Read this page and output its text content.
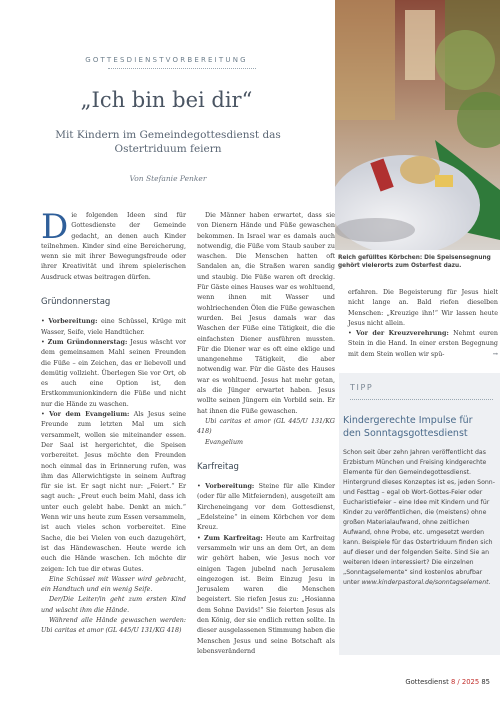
GOTTESDIENSTVORBEREITUNG
„Ich bin bei dir“
Mit Kindern im Gemeindegottesdienst das Ostertriduum feiern
Von Stefanie Penker

Die folgenden Ideen sind für Gottesdienste der Gemeinde gedacht, an denen auch Kinder teilnehmen. Kinder sind eine Bereicherung, wenn sie mit ihrer Bewegungsfreude oder ihrer Kreativität und ihrem spielerischen Ausdruck etwas beitragen dürfen.

Gründonnerstag

• Vorbereitung: eine Schüssel, Krüge mit Wasser, Seife, viele Handtücher.

• Zum Gründonnerstag: Jesus wäscht vor dem gemeinsamen Mahl seinen Freunden die Füße – ein Zeichen, das er liebevoll und demütig vollzieht. Überlegen Sie vor Ort, ob es auch eine Option ist, den Erstkommunionkindern die Füße und nicht nur die Hände zu waschen.

• Vor dem Evangelium: Als Jesus seine Freunde zum letzten Mal um sich versammelt, wollen sie miteinander essen. Der Saal ist hergerichtet, die Speisen vorbereitet. Jesus möchte den Freunden noch einmal das in Erinnerung rufen, was ihm das Allerwichtigste in seinem Auftrag für sie ist. Er sagt nicht nur: „Feiert.“ Er sagt auch: „Freut euch beim Mahl, dass ich unter euch gelebt habe. Denkt an mich.“ Wenn wir uns heute zum Essen versammeln, ist auch vieles schon vorbereitet. Eine Sache, die bei Vielen von euch dazugehört, ist das Händewaschen. Heute werde ich euch die Hände waschen. Ich möchte dir zeigen: Ich tue dir etwas Gutes.

Eine Schüssel mit Wasser wird gebracht, ein Handtuch und ein wenig Seife.

Der/Die Leiter/in geht zum ersten Kind und wäscht ihm die Hände.

Während alle Hände gewaschen werden: Ubi caritas et amor (GL 445/U 131/KG 418)

Die Männer haben erwartet, dass sie von Dienern Hände und Füße gewaschen bekommen. In Israel war es damals auch notwendig, die Füße vom Staub sauber zu waschen. Die Menschen hatten oft Sandalen an, die Straßen waren sandig und staubig. Die Füße waren oft dreckig. Für Gäste eines Hauses war es wohltuend, wenn ihnen mit Wasser und wohlriechenden Ölen die Füße gewaschen wurden. Bei Jesus damals war das Waschen der Füße eine Tätigkeit, die die einfachsten Diener ausführen mussten. Für die Diener war es oft eine eklige und unangenehme Tätigkeit, die aber notwendig war. Für die Gäste des Hauses war es wohltuend. Jesus hat mehr getan, als die Jünger erwartet haben. Jesus wollte seinen Jüngern ein Vorbild sein. Er hat ihnen die Füße gewaschen.

Ubi caritas et amor (GL 445/U 131/KG 418)

Evangelium

Karfreitag

• Vorbereitung: Steine für alle Kinder (oder für alle Mitfeiernden), ausgeteilt am Kircheneingang vor dem Gottesdienst, „Edelsteine“ in einem Körbchen vor dem Kreuz.

• Zum Karfreitag: Heute am Karfreitag versammeln wir uns an dem Ort, an dem wir gehört haben, wie Jesus noch vor einigen Tagen jubelnd nach Jerusalem eingezogen ist. Beim Einzug Jesu in Jerusalem waren die Menschen begeistert. Sie riefen Jesus zu: „Hosianna dem Sohne Davids!“ Sie feierten Jesus als den König, der sie endlich retten sollte. In dieser ausgelassenen Stimmung haben die Menschen Jesus und seine Botschaft als lebensverändernd

Reich gefülltes Körbchen: Die Speisensegnung gehört vielerorts zum Osterfest dazu.

erfahren. Die Begeisterung für Jesus hielt nicht lange an. Bald riefen dieselben Menschen: „Kreuzige ihn!“ Wir lassen heute Jesus nicht allein.

• Vor der Kreuzverehrung: Nehmt euren Stein in die Hand. In einer ersten Begegnung mit dem Stein wollen wir spü-	→

TIPP
Kindergerechte Impulse für den Sonntagsgottesdienst
Schon seit über zehn Jahren veröffentlicht das Erzbistum München und Freising kindgerechte Elemente für den Gemeindegottesdienst. Hintergrund dieses Konzeptes ist es, jeden Sonn- und Festtag – egal ob Wort-Gottes-Feier oder Eucharistiefeier – eine Idee mit Kindern und für Kinder zu veröffentlichen, die (meistens) ohne großen Materialaufwand, ohne zeitlichen Aufwand, ohne Probe, etc. umgesetzt werden kann. Beispiele für das Ostertriduum finden sich auf dieser und der folgenden Seite. Sind Sie an weiteren Ideen interessiert? Die einzelnen „Sonntagselemente“ sind kostenlos abrufbar unter www.kinderpastoral.de/sonntagselement.
Gottesdienst 8 / 2025 85
